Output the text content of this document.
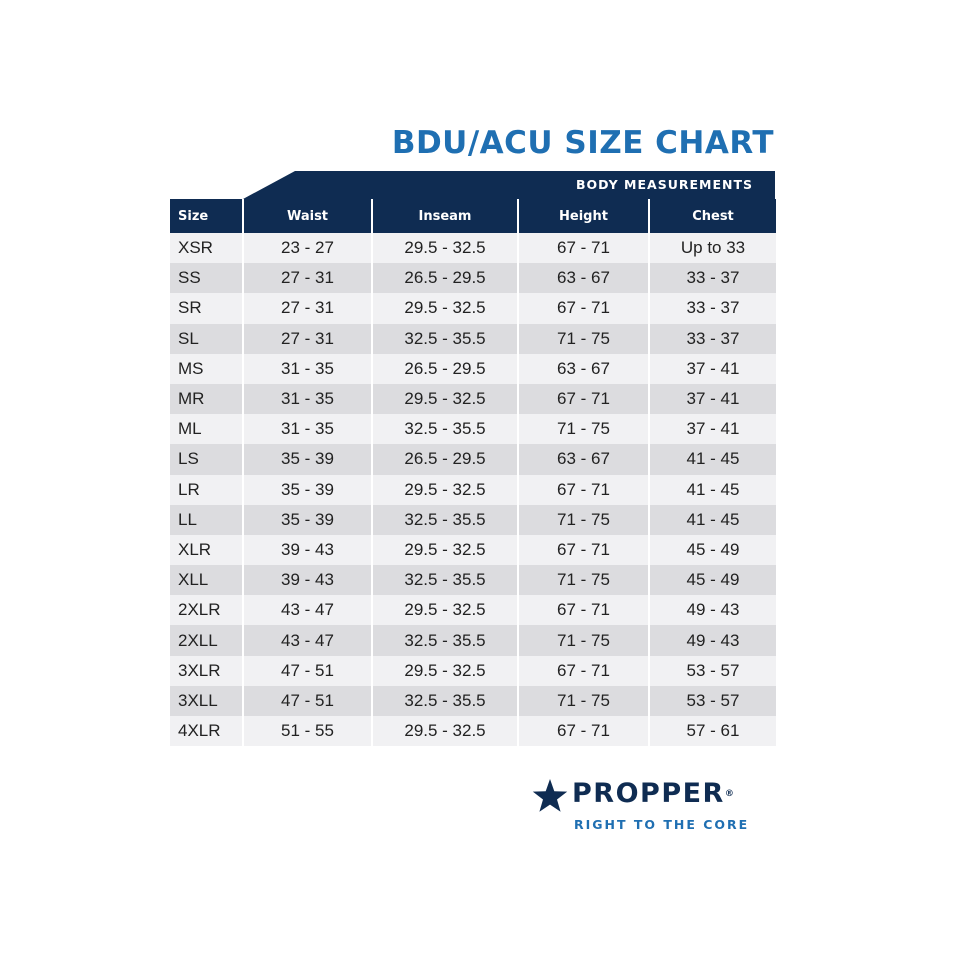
BDU/ACU SIZE CHART
BODY MEASUREMENTS
Size	Waist	Inseam	Height	Chest
XSR	23 - 27	29.5 - 32.5	67 - 71	Up to 33
SS	27 - 31	26.5 - 29.5	63 - 67	33 - 37
SR	27 - 31	29.5 - 32.5	67 - 71	33 - 37
SL	27 - 31	32.5 - 35.5	71 - 75	33 - 37
MS	31 - 35	26.5 - 29.5	63 - 67	37 - 41
MR	31 - 35	29.5 - 32.5	67 - 71	37 - 41
ML	31 - 35	32.5 - 35.5	71 - 75	37 - 41
LS	35 - 39	26.5 - 29.5	63 - 67	41 - 45
LR	35 - 39	29.5 - 32.5	67 - 71	41 - 45
LL	35 - 39	32.5 - 35.5	71 - 75	41 - 45
XLR	39 - 43	29.5 - 32.5	67 - 71	45 - 49
XLL	39 - 43	32.5 - 35.5	71 - 75	45 - 49
2XLR	43 - 47	29.5 - 32.5	67 - 71	49 - 43
2XLL	43 - 47	32.5 - 35.5	71 - 75	49 - 43
3XLR	47 - 51	29.5 - 32.5	67 - 71	53 - 57
3XLL	47 - 51	32.5 - 35.5	71 - 75	53 - 57
4XLR	51 - 55	29.5 - 32.5	67 - 71	57 - 61
PROPPER®
RIGHT TO THE CORE
